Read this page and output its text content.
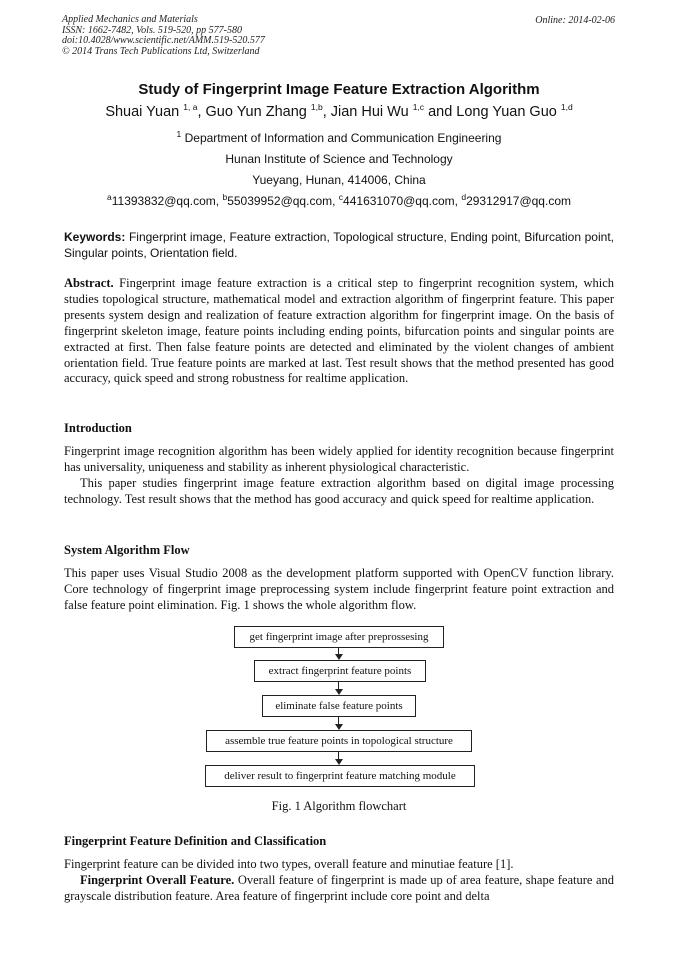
Applied Mechanics and Materials
ISSN: 1662-7482, Vols. 519-520, pp 577-580
doi:10.4028/www.scientific.net/AMM.519-520.577
© 2014 Trans Tech Publications Ltd, Switzerland
Online: 2014-02-06
Study of Fingerprint Image Feature Extraction Algorithm
Shuai Yuan $^{1, a}$, Guo Yun Zhang $^{1,b}$, Jian Hui Wu $^{1,c}$ and Long Yuan Guo $^{1,d}$
$^1$ Department of Information and Communication Engineering
Hunan Institute of Science and Technology
Yueyang, Hunan, 414006, China
$^a$11393832@qq.com, $^b$55039952@qq.com, $^c$441631070@qq.com, $^d$29312917@qq.com
Keywords: Fingerprint image, Feature extraction, Topological structure, Ending point, Bifurcation point, Singular points, Orientation field.
Abstract. Fingerprint image feature extraction is a critical step to fingerprint recognition system, which studies topological structure, mathematical model and extraction algorithm of fingerprint feature. This paper presents system design and realization of feature extraction algorithm for fingerprint image. On the basis of fingerprint skeleton image, feature points including ending points, bifurcation points and singular points are extracted at first. Then false feature points are detected and eliminated by the violent changes of ambient orientation field. True feature points are marked at last. Test result shows that the method presented has good accuracy, quick speed and strong robustness for realtime application.
Introduction

Fingerprint image recognition algorithm has been widely applied for identity recognition because fingerprint has universality, uniqueness and stability as inherent physiological characteristic.

This paper studies fingerprint image feature extraction algorithm based on digital image processing technology. Test result shows that the method has good accuracy and quick speed for realtime application.

System Algorithm Flow

This paper uses Visual Studio 2008 as the development platform supported with OpenCV function library. Core technology of fingerprint image preprocessing system include fingerprint feature point extraction and false feature point elimination. Fig. 1 shows the whole algorithm flow.

get fingerprint image after preprossesing
extract fingerprint feature points
eliminate false feature points
assemble true feature points in topological structure
deliver result to fingerprint feature matching module
Fig. 1 Algorithm flowchart
Fingerprint Feature Definition and Classification

Fingerprint feature can be divided into two types, overall feature and minutiae feature [1].

Fingerprint Overall Feature. Overall feature of fingerprint is made up of area feature, shape feature and grayscale distribution feature. Area feature of fingerprint include core point and delta
